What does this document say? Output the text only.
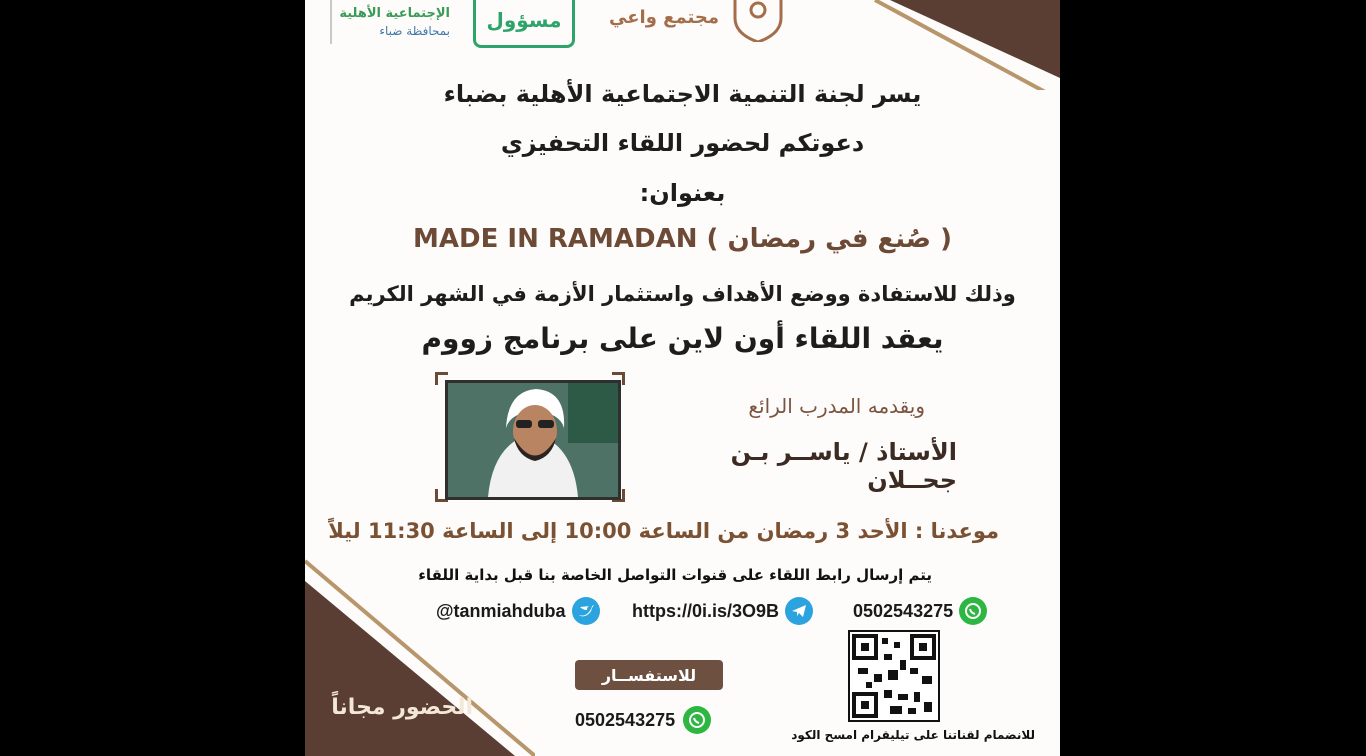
الإجتماعية الأهلية
بمحافظة ضباء مسؤول	مجتمع واعي
يسر لجنة التنمية الاجتماعية الأهلية بضباء
دعوتكم لحضور اللقاء التحفيزي
بعنوان:
( صُنع في رمضان ) MADE IN RAMADAN
وذلك للاستفادة ووضع الأهداف واستثمار الأزمة في الشهر الكريم
يعقد اللقاء أون لاين على برنامج زووم
ويقدمه المدرب الرائع
الأستاذ / ياســر بـن جحــلان
موعدنا : الأحد 3 رمضان من الساعة 10:00 إلى الساعة 11:30 ليلاً
يتم إرسال رابط اللقاء على قنوات التواصل الخاصة بنا قبل بداية اللقاء
0502543275
https://0i.is/3O9B
@tanmiahduba
للانضمام لقناتنا على تيليقرام امسح الكود
للاستفســار
0502543275
الحضور مجاناً
